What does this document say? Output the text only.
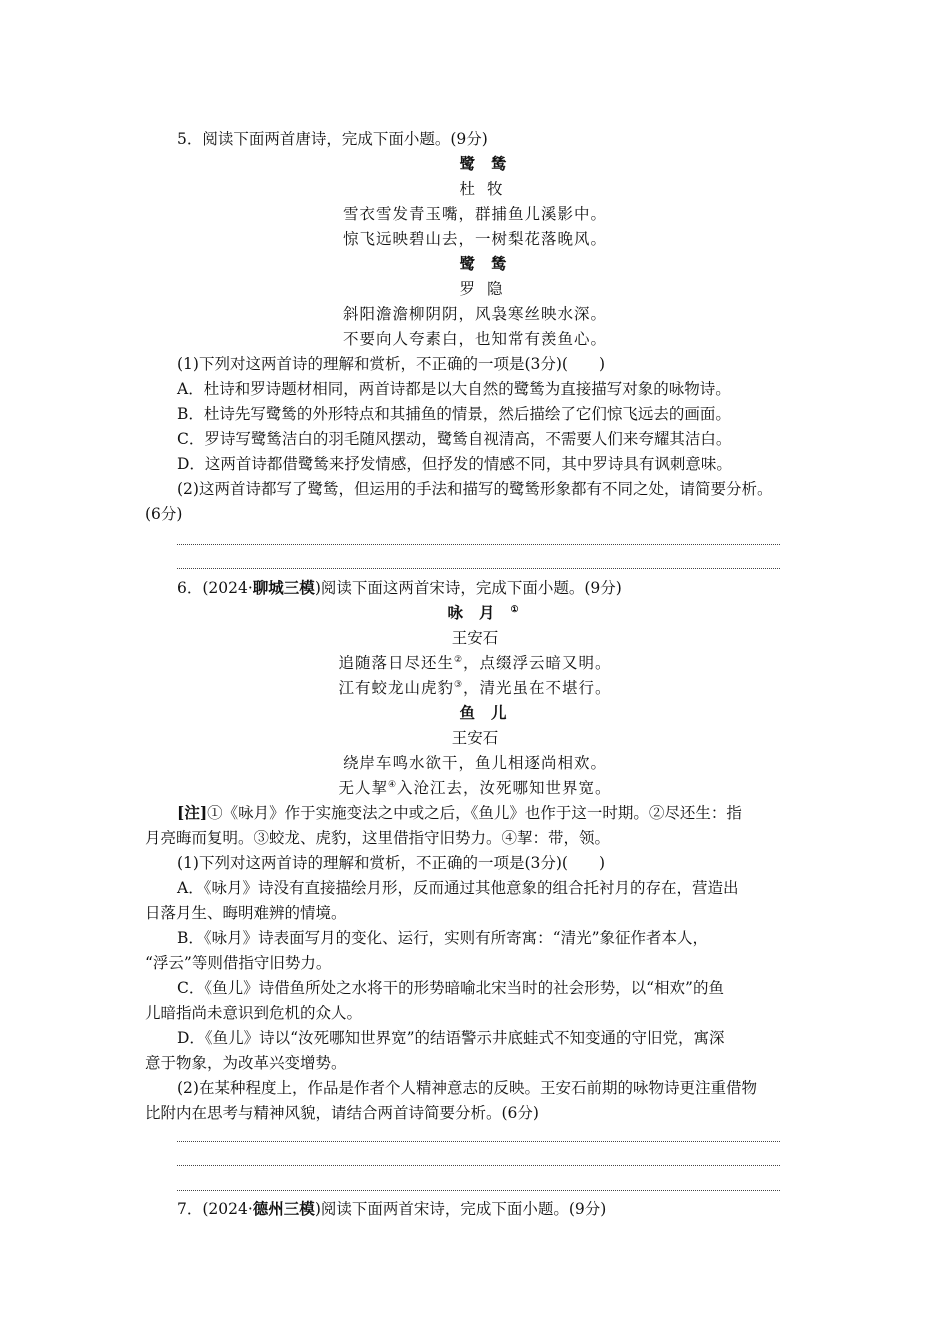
5．阅读下面两首唐诗，完成下面小题。(9分)
鹭鸶
杜牧
雪衣雪发青玉嘴，群捕鱼儿溪影中。
惊飞远映碧山去，一树梨花落晚风。
鹭鸶
罗隐
斜阳澹澹柳阴阴，风袅寒丝映水深。
不要向人夸素白，也知常有羡鱼心。
(1)下列对这两首诗的理解和赏析，不正确的一项是(3分)(　　)
A．杜诗和罗诗题材相同，两首诗都是以大自然的鹭鸶为直接描写对象的咏物诗。
B．杜诗先写鹭鸶的外形特点和其捕鱼的情景，然后描绘了它们惊飞远去的画面。
C．罗诗写鹭鸶洁白的羽毛随风摆动，鹭鸶自视清高，不需要人们来夸耀其洁白。
D．这两首诗都借鹭鸶来抒发情感，但抒发的情感不同，其中罗诗具有讽刺意味。
(2)这两首诗都写了鹭鸶，但运用的手法和描写的鹭鸶形象都有不同之处，请简要分析。
(6分)
6．(2024·聊城三模)阅读下面这两首宋诗，完成下面小题。(9分)
咏月①
王安石
追随落日尽还生②，点缀浮云暗又明。
江有蛟龙山虎豹③，清光虽在不堪行。
鱼儿
王安石
绕岸车鸣水欲干，鱼儿相逐尚相欢。
无人挈④入沧江去，汝死哪知世界宽。
[注]①《咏月》作于实施变法之中或之后，《鱼儿》也作于这一时期。②尽还生：指
月亮晦而复明。③蛟龙、虎豹，这里借指守旧势力。④挈：带，领。
(1)下列对这两首诗的理解和赏析，不正确的一项是(3分)(　　)
A．《咏月》诗没有直接描绘月形，反而通过其他意象的组合托衬月的存在，营造出
日落月生、晦明难辨的情境。
B．《咏月》诗表面写月的变化、运行，实则有所寄寓：“清光”象征作者本人，
“浮云”等则借指守旧势力。
C．《鱼儿》诗借鱼所处之水将干的形势暗喻北宋当时的社会形势，以“相欢”的鱼
儿暗指尚未意识到危机的众人。
D．《鱼儿》诗以“汝死哪知世界宽”的结语警示井底蛙式不知变通的守旧党，寓深
意于物象，为改革兴变增势。
(2)在某种程度上，作品是作者个人精神意志的反映。王安石前期的咏物诗更注重借物
比附内在思考与精神风貌，请结合两首诗简要分析。(6分)
7．(2024·德州三模)阅读下面两首宋诗，完成下面小题。(9分)
